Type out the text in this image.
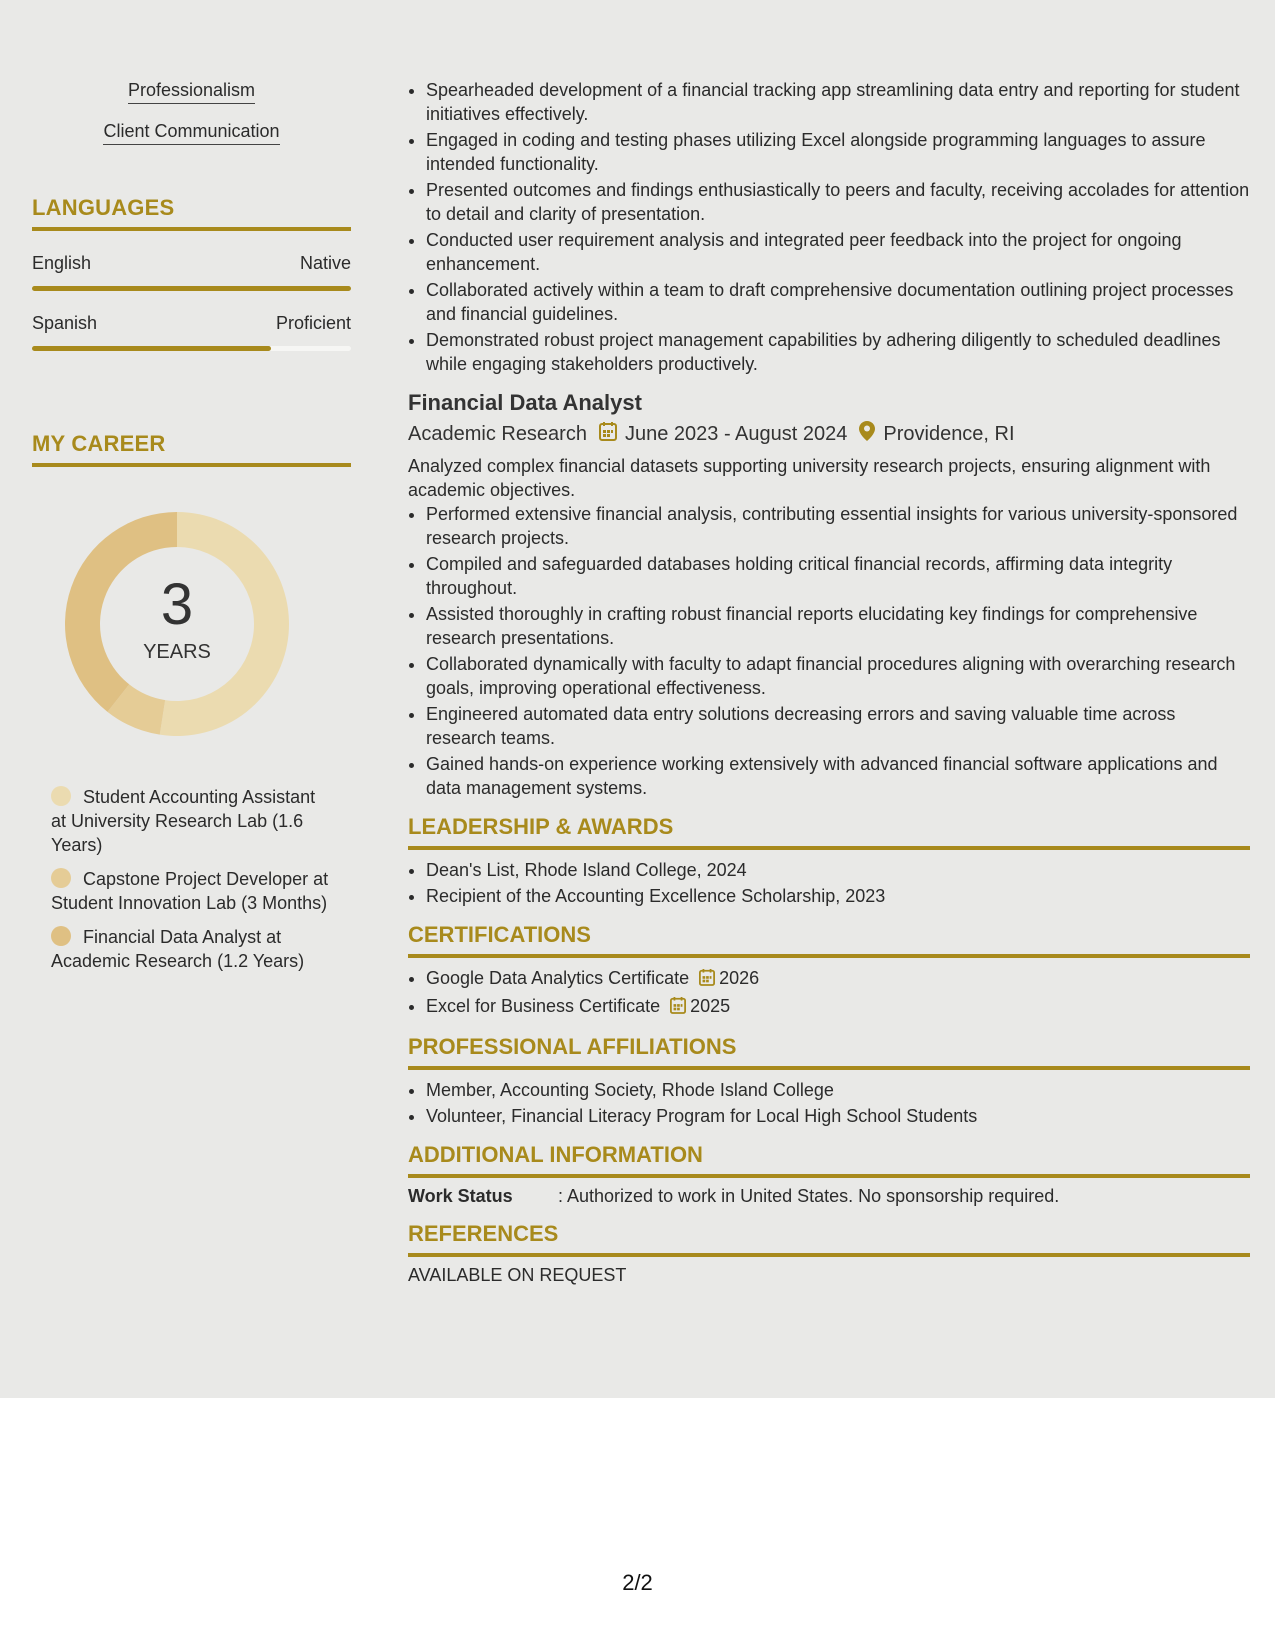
Professionalism
Client Communication
LANGUAGES
English	Native
Spanish	Proficient
MY CAREER
3
YEARS
Student Accounting Assistant at University Research Lab (1.6 Years)
Capstone Project Developer at Student Innovation Lab (3 Months)
Financial Data Analyst at Academic Research (1.2 Years)
• Spearheaded development of a financial tracking app streamlining data entry and reporting for student initiatives effectively.
• Engaged in coding and testing phases utilizing Excel alongside programming languages to assure intended functionality.
• Presented outcomes and findings enthusiastically to peers and faculty, receiving accolades for attention to detail and clarity of presentation.
• Conducted user requirement analysis and integrated peer feedback into the project for ongoing enhancement.
• Collaborated actively within a team to draft comprehensive documentation outlining project processes and financial guidelines.
• Demonstrated robust project management capabilities by adhering diligently to scheduled deadlines while engaging stakeholders productively.
Financial Data Analyst
Academic Research June 2023 - August 2024 Providence, RI
Analyzed complex financial datasets supporting university research projects, ensuring alignment with academic objectives.
• Performed extensive financial analysis, contributing essential insights for various university-sponsored research projects.
• Compiled and safeguarded databases holding critical financial records, affirming data integrity throughout.
• Assisted thoroughly in crafting robust financial reports elucidating key findings for comprehensive research presentations.
• Collaborated dynamically with faculty to adapt financial procedures aligning with overarching research goals, improving operational effectiveness.
• Engineered automated data entry solutions decreasing errors and saving valuable time across research teams.
• Gained hands-on experience working extensively with advanced financial software applications and data management systems.
LEADERSHIP & AWARDS
• Dean's List, Rhode Island College, 2024
• Recipient of the Accounting Excellence Scholarship, 2023
CERTIFICATIONS
• Google Data Analytics Certificate 2026
• Excel for Business Certificate 2025
PROFESSIONAL AFFILIATIONS
• Member, Accounting Society, Rhode Island College
• Volunteer, Financial Literacy Program for Local High School Students
ADDITIONAL INFORMATION
Work Status	: Authorized to work in United States. No sponsorship required.
REFERENCES
AVAILABLE ON REQUEST
2/2
